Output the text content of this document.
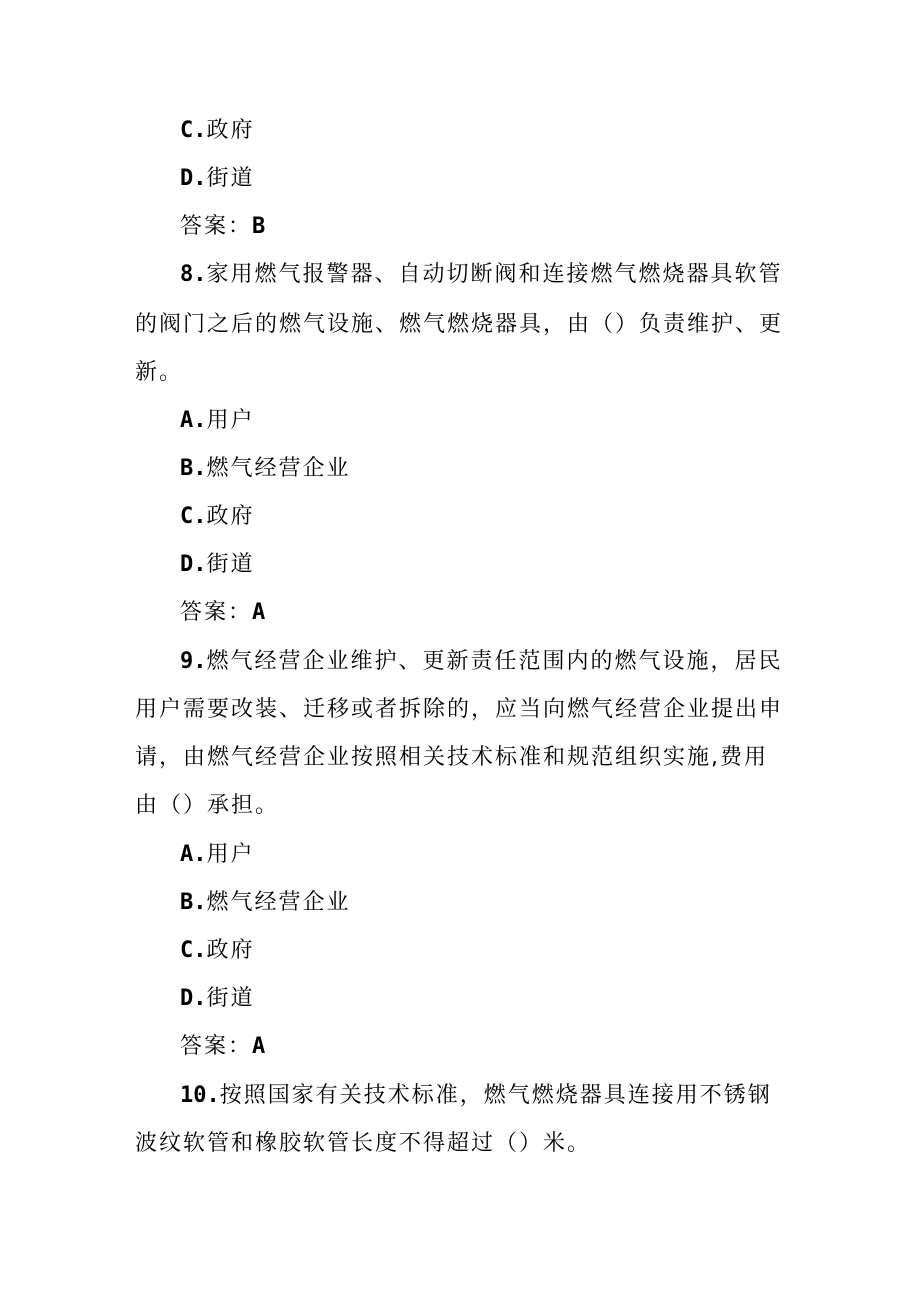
C.政府
D.街道
答案：B
8.家用燃气报警器、自动切断阀和连接燃气燃烧器具软管
的阀门之后的燃气设施、燃气燃烧器具，由（）负责维护、更
新。
A.用户
B.燃气经营企业
C.政府
D.街道
答案：A
9.燃气经营企业维护、更新责任范围内的燃气设施，居民
用户需要改装、迁移或者拆除的，应当向燃气经营企业提出申
请，由燃气经营企业按照相关技术标准和规范组织实施,费用
由（）承担。
A.用户
B.燃气经营企业
C.政府
D.街道
答案：A
10.按照国家有关技术标准，燃气燃烧器具连接用不锈钢
波纹软管和橡胶软管长度不得超过（）米。
